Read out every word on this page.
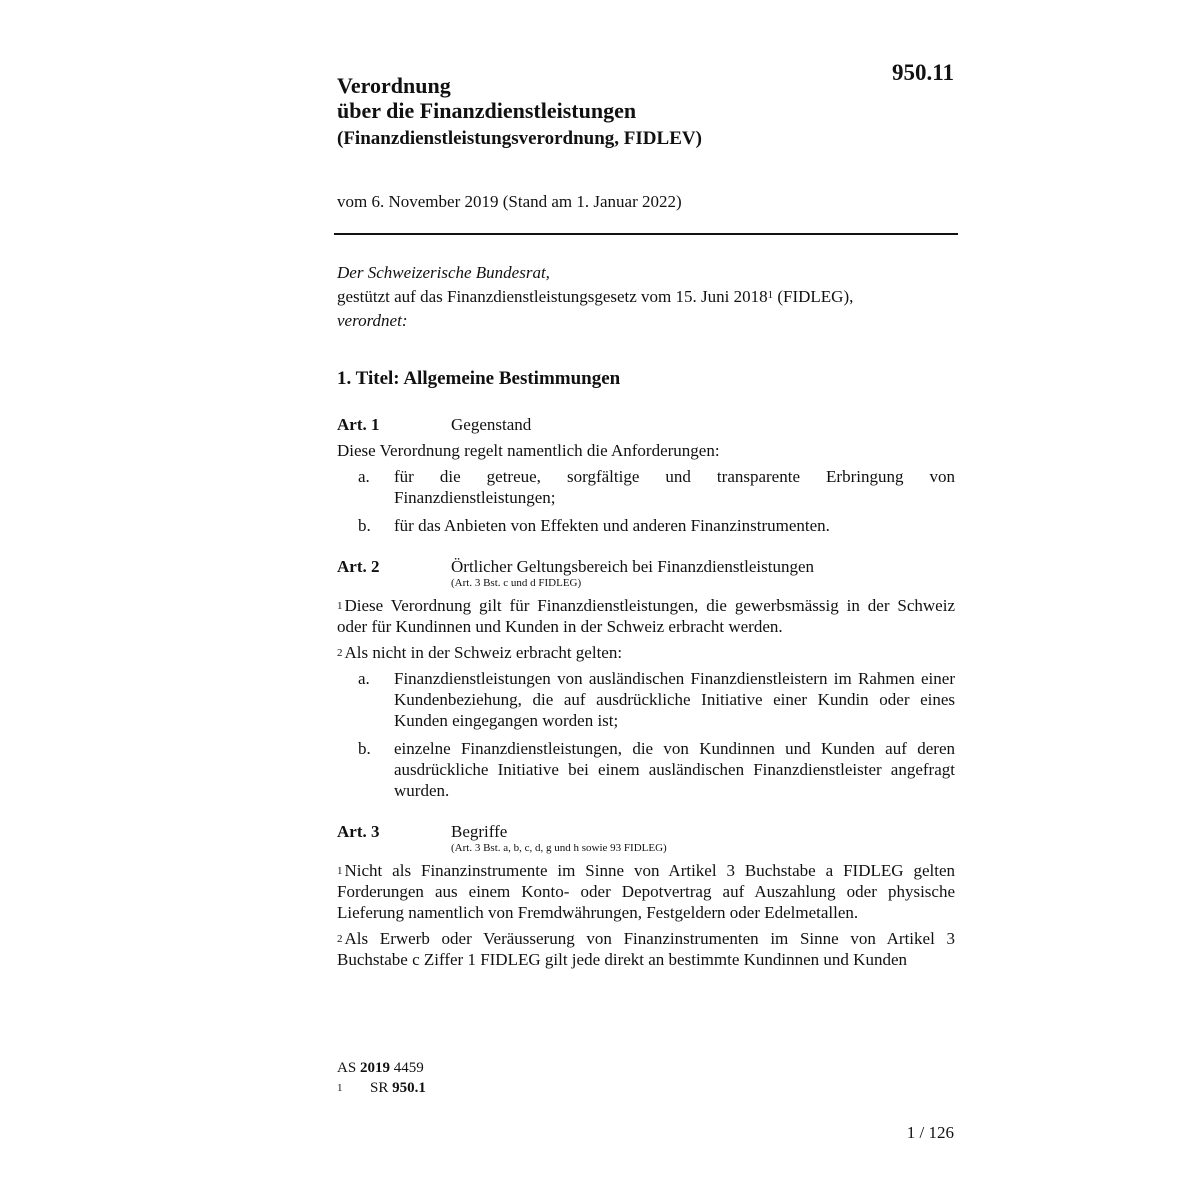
950.11
Verordnung
über die Finanzdienstleistungen
(Finanzdienstleistungsverordnung, FIDLEV)
vom 6. November 2019 (Stand am 1. Januar 2022)

Der Schweizerische Bundesrat,

gestützt auf das Finanzdienstleistungsgesetz vom 15. Juni 2018$^1$ (FIDLEG),

verordnet:

1. Titel: Allgemeine Bestimmungen
Art. 1	Gegenstand

Diese Verordnung regelt namentlich die Anforderungen:

a.	für die getreue, sorgfältige und transparente Erbringung von Finanzdienstleistungen;
b.	für das Anbieten von Effekten und anderen Finanzinstrumenten.
Art. 2	Örtlicher Geltungsbereich bei Finanzdienstleistungen
(Art. 3 Bst. c und d FIDLEG)

$^1$ Diese Verordnung gilt für Finanzdienstleistungen, die gewerbsmässig in der Schweiz oder für Kundinnen und Kunden in der Schweiz erbracht werden.

$^2$ Als nicht in der Schweiz erbracht gelten:

a.	Finanzdienstleistungen von ausländischen Finanzdienstleistern im Rahmen einer Kundenbeziehung, die auf ausdrückliche Initiative einer Kundin oder eines Kunden eingegangen worden ist;
b.	einzelne Finanzdienstleistungen, die von Kundinnen und Kunden auf deren ausdrückliche Initiative bei einem ausländischen Finanzdienstleister angefragt wurden.
Art. 3	Begriffe
(Art. 3 Bst. a, b, c, d, g und h sowie 93 FIDLEG)

$^1$ Nicht als Finanzinstrumente im Sinne von Artikel 3 Buchstabe a FIDLEG gelten Forderungen aus einem Konto- oder Depotvertrag auf Auszahlung oder physische Lieferung namentlich von Fremdwährungen, Festgeldern oder Edelmetallen.

$^2$ Als Erwerb oder Veräusserung von Finanzinstrumenten im Sinne von Artikel 3 Buchstabe c Ziffer 1 FIDLEG gilt jede direkt an bestimmte Kundinnen und Kunden

AS 2019 4459
1	SR 950.1
1 / 126
